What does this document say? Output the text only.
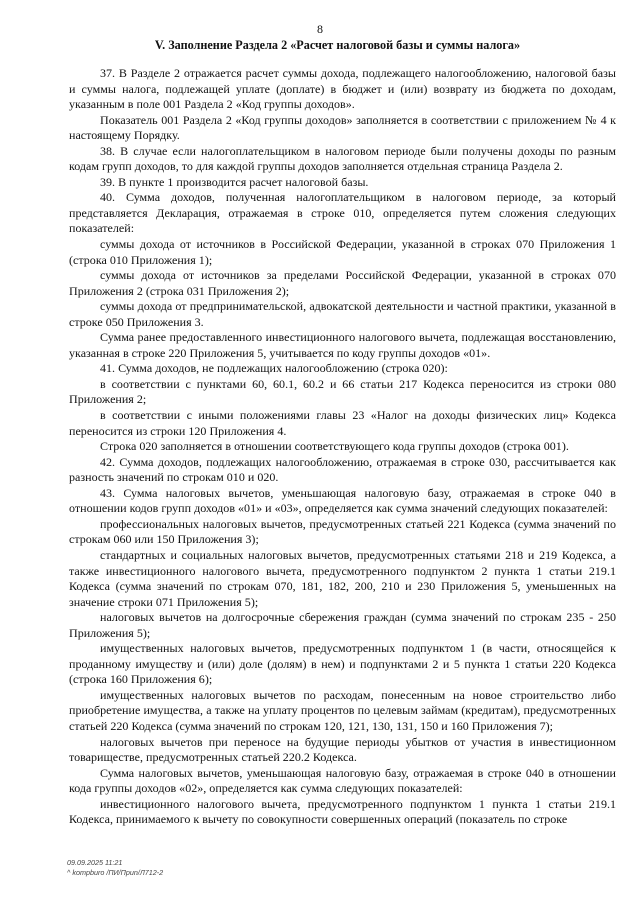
8
V. Заполнение Раздела 2 «Расчет налоговой базы и суммы налога»

37. В Разделе 2 отражается расчет суммы дохода, подлежащего налогообложению, налоговой базы и суммы налога, подлежащей уплате (доплате) в бюджет и (или) возврату из бюджета по доходам, указанным в поле 001 Раздела 2 «Код группы доходов».

Показатель 001 Раздела 2 «Код группы доходов» заполняется в соответствии с приложением № 4 к настоящему Порядку.

38. В случае если налогоплательщиком в налоговом периоде были получены доходы по разным кодам групп доходов, то для каждой группы доходов заполняется отдельная страница Раздела 2.

39. В пункте 1 производится расчет налоговой базы.

40. Сумма доходов, полученная налогоплательщиком в налоговом периоде, за который представляется Декларация, отражаемая в строке 010, определяется путем сложения следующих показателей:

суммы дохода от источников в Российской Федерации, указанной в строках 070 Приложения 1 (строка 010 Приложения 1);

суммы дохода от источников за пределами Российской Федерации, указанной в строках 070 Приложения 2 (строка 031 Приложения 2);

суммы дохода от предпринимательской, адвокатской деятельности и частной практики, указанной в строке 050 Приложения 3.

Сумма ранее предоставленного инвестиционного налогового вычета, подлежащая восстановлению, указанная в строке 220 Приложения 5, учитывается по коду группы доходов «01».

41. Сумма доходов, не подлежащих налогообложению (строка 020):

в соответствии с пунктами 60, 60.1, 60.2 и 66 статьи 217 Кодекса переносится из строки 080 Приложения 2;

в соответствии с иными положениями главы 23 «Налог на доходы физических лиц» Кодекса переносится из строки 120 Приложения 4.

Строка 020 заполняется в отношении соответствующего кода группы доходов (строка 001).

42. Сумма доходов, подлежащих налогообложению, отражаемая в строке 030, рассчитывается как разность значений по строкам 010 и 020.

43. Сумма налоговых вычетов, уменьшающая налоговую базу, отражаемая в строке 040 в отношении кодов групп доходов «01» и «03», определяется как сумма значений следующих показателей:

профессиональных налоговых вычетов, предусмотренных статьей 221 Кодекса (сумма значений по строкам 060 или 150 Приложения 3);

стандартных и социальных налоговых вычетов, предусмотренных статьями 218 и 219 Кодекса, а также инвестиционного налогового вычета, предусмотренного подпунктом 2 пункта 1 статьи 219.1 Кодекса (сумма значений по строкам 070, 181, 182, 200, 210 и 230 Приложения 5, уменьшенных на значение строки 071 Приложения 5);

налоговых вычетов на долгосрочные сбережения граждан (сумма значений по строкам 235 - 250 Приложения 5);

имущественных налоговых вычетов, предусмотренных подпунктом 1 (в части, относящейся к проданному имуществу и (или) доле (долям) в нем) и подпунктами 2 и 5 пункта 1 статьи 220 Кодекса (строка 160 Приложения 6);

имущественных налоговых вычетов по расходам, понесенным на новое строительство либо приобретение имущества, а также на уплату процентов по целевым займам (кредитам), предусмотренных статьей 220 Кодекса (сумма значений по строкам 120, 121, 130, 131, 150 и 160 Приложения 7);

налоговых вычетов при переносе на будущие периоды убытков от участия в инвестиционном товариществе, предусмотренных статьей 220.2 Кодекса.

Сумма налоговых вычетов, уменьшающая налоговую базу, отражаемая в строке 040 в отношении кода группы доходов «02», определяется как сумма следующих показателей:

инвестиционного налогового вычета, предусмотренного подпунктом 1 пункта 1 статьи 219.1 Кодекса, принимаемого к вычету по совокупности совершенных операций (показатель по строке

09.09.2025 11:21
^ kompburo /ПИ/Приn/Л712-2
